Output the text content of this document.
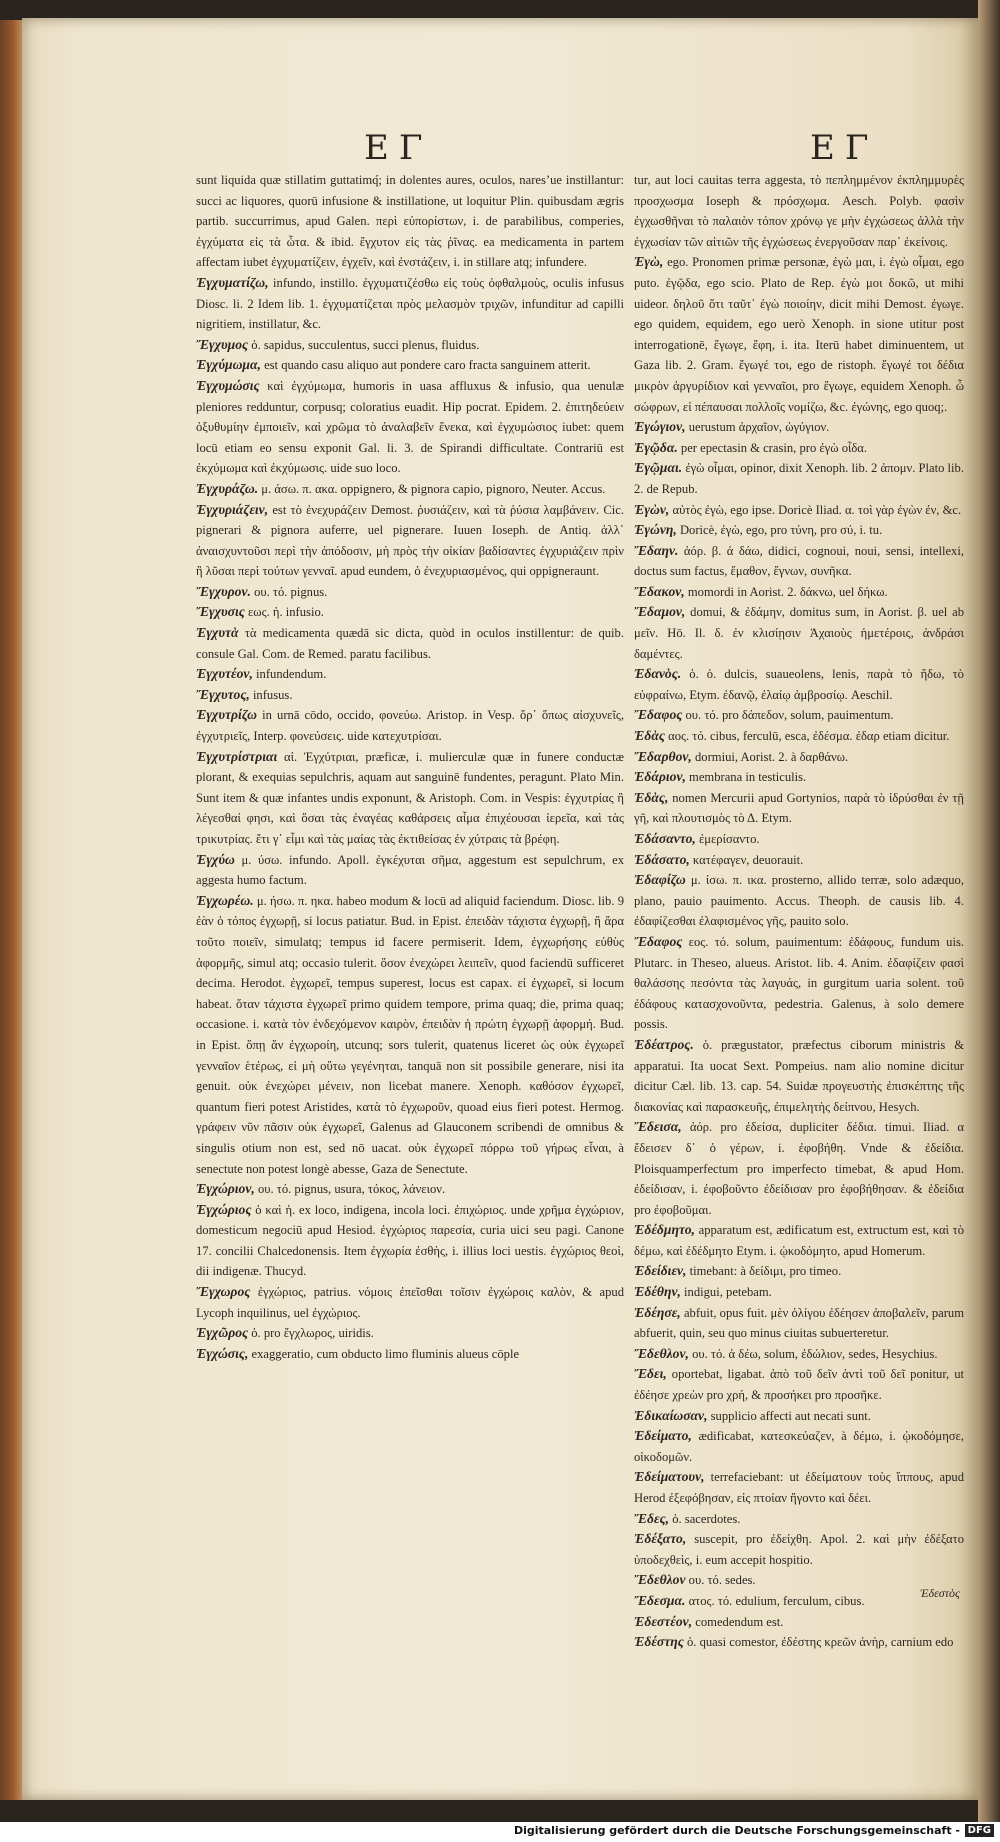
ΕΓ	ΕΓ

sunt liquida quæ stillatim guttatimq́; in dolentes aures, oculos, nares’ue instillantur: succi ac liquores, quorū infusione & instillatione, ut loquitur Plin. quibusdam ægris partib. succurrimus, apud Galen. περὶ εὐπορίστων, i. de parabilibus, comperies, ἐγχύματα εἰς τὰ ὦτα. & ibid. ἔγχυτον εἰς τὰς ῥῖνας. ea medicamenta in partem affectam iubet ἐγχυματίζειν, ἐγχεῖν, καὶ ἐνστάζειν, i. in stillare atq; infundere.

Ἐγχυματίζω, infundo, instillo. ἐγχυματιζέσθω εἰς τοὺς ὀφθαλμοὺς, oculis infusus Diosc. li. 2 Idem lib. 1. ἐγχυματίζεται πρὸς μελασμὸν τριχῶν, infunditur ad capilli nigritiem, instillatur, &c.

Ἔγχυμος ὁ. sapidus, succulentus, succi plenus, fluidus.

Ἐγχύμωμα, est quando casu aliquo aut pondere caro fracta sanguinem atterit.

Ἐγχυμώσις καὶ ἐγχύμωμα, humoris in uasa affluxus & infusio, qua uenulæ pleniores redduntur, corpusq; coloratius euadit. Hip pocrat. Epidem. 2. ἐπιτηδεύειν ὀξυθυμίην ἐμποιεῖν, καὶ χρῶμα τὸ ἀναλαβεῖν ἕνεκα, καὶ ἐγχυμώσιος iubet: quem locū etiam eo sensu exponit Gal. li. 3. de Spirandi difficultate. Contrariū est ἐκχύμωμα καὶ ἐκχύμωσις. uide suo loco.

Ἐγχυράζω. μ. άσω. π. ακα. oppignero, & pignora capio, pignoro, Neuter. Accus.

Ἐγχυριάζειν, est τὸ ἐνεχυράζειν Demost. ῥυσιάζειν, καὶ τὰ ῥύσια λαμβάνειν. Cic. pignerari & pignora auferre, uel pignerare. Iuuen Ioseph. de Antiq. ἀλλ᾽ ἀναισχυντοῦσι περὶ τὴν ἀπόδοσιν, μὴ πρὸς τὴν οἰκίαν βαδίσαντες ἐγχυριάζειν πρὶν ἢ λῦσαι περὶ τούτων γενναῖ. apud eundem, ὁ ἐνεχυριασμένος, qui oppigneraunt.

Ἔγχυρον. ου. τό. pignus.

Ἔγχυσις εως. ἡ. infusio.

Ἐγχυτὰ τὰ medicamenta quædā sic dicta, quòd in oculos instillentur: de quib. consule Gal. Com. de Remed. paratu facilibus.

Ἐγχυτέον, infundendum.

Ἔγχυτος, infusus.

Ἐγχυτρίζω in urnā cōdo, occido, φονεύω. Aristop. in Vesp. ὅρ᾽ ὅπως αἰσχυνεῖς, ἐγχυτριεῖς, Interp. φονεύσεις. uide κατεχυτρίσαι.

Ἐγχυτρίστριαι αἱ. Ἐγχύτριαι, præficæ, i. mulierculæ quæ in funere conductæ plorant, & exequias sepulchris, aquam aut sanguinē fundentes, peragunt. Plato Min. Sunt item & quæ infantes undis exponunt, & Aristoph. Com. in Vespis: ἐγχυτρίας ἢ λέγεσθαί φησι, καὶ ὅσαι τὰς ἐναγέας καθάρσεις αἷμα ἐπιχέουσαι ἱερεῖα, καὶ τὰς τρικυτρίας. ἔτι γ᾽ εἶμι καὶ τὰς μαίας τὰς ἐκτιθείσας ἐν χύτραις τὰ βρέφη.

Ἐγχύω μ. ύσω. infundo. Apoll. ἐγκέχυται σῆμα, aggestum est sepulchrum, ex aggesta humo factum.

Ἐγχωρέω. μ. ήσω. π. ηκα. habeo modum & locū ad aliquid faciendum. Diosc. lib. 9 ἐὰν ὁ τόπος ἐγχωρῇ, si locus patiatur. Bud. in Epist. ἐπειδὰν τάχιστα ἐγχωρῇ, ἢ ἄρα τοῦτο ποιεῖν, simulatq; tempus id facere permiserit. Idem, ἐγχωρήσης εὐθὺς ἀφορμῆς, simul atq; occasio tulerit. ὅσον ἐνεχώρει λειπεῖν, quod faciendū sufficeret decima. Herodot. ἐγχωρεῖ, tempus superest, locus est capax. εἰ ἐγχωρεῖ, si locum habeat. ὅταν τάχιστα ἐγχωρεῖ primo quidem tempore, prima quaq; die, prima quaq; occasione. i. κατὰ τὸν ἐνδεχόμενον καιρὸν, ἐπειδὰν ἡ πρώτη ἐγχωρῇ ἀφορμή. Bud. in Epist. ὅπῃ ἄν ἐγχωροίη, utcunq; sors tulerit, quatenus liceret ὡς οὐκ ἐγχωρεῖ γενναῖον ἑτέρως, εἰ μὴ οὕτω γεγένηται, tanquā non sit possibile generare, nisi ita genuit. οὐκ ἐνεχώρει μένειν, non licebat manere. Xenoph. καθόσον ἐγχωρεῖ, quantum fieri potest Aristides, κατὰ τὸ ἐγχωροῦν, quoad eius fieri potest. Hermog. γράφειν νῦν πᾶσιν οὐκ ἐγχωρεῖ, Galenus ad Glauconem scribendi de omnibus & singulis otium non est, sed nō uacat. οὐκ ἐγχωρεῖ πόρρω τοῦ γήρως εἶναι, à senectute non potest longè abesse, Gaza de Senectute.

Ἐγχώριον, ου. τό. pignus, usura, τόκος, λάνειον.

Ἐγχώριος ὁ καὶ ἡ. ex loco, indigena, incola loci. ἐπιχώριος. unde χρῆμα ἐγχώριον, domesticum negociū apud Hesiod. ἐγχώριος παρεσία, curia uici seu pagi. Canone 17. concilii Chalcedonensis. Item ἐγχωρία ἐσθὴς, i. illius loci uestis. ἐγχώριος θεοὶ, dii indigenæ. Thucyd.

Ἔγχωρος ἐγχώριος, patrius. νόμοις ἐπεῖσθαι τοῖσιν ἐγχώροις καλὸν, & apud Lycoph inquilinus, uel ἐγχώριος.

Ἐγχῶρος ὁ. pro ἔγχλωρος, uiridis.

Ἐγχώσις, exaggeratio, cum obducto limo fluminis alueus cōple

tur, aut loci cauitas terra aggesta, τὸ πεπλημμένον ἐκπλημμυρὲς προσχωσμα Ioseph & πρόσχωμα. Aesch. Polyb. φασὶν ἐγχωσθῆναι τὸ παλαιὸν τόπον χρόνῳ γε μὴν ἐγχώσεως ἀλλὰ τὴν ἐγχωσίαν τῶν αἰτιῶν τῆς ἐγχώσεως ἐνεργοῦσαν παρ᾽ ἐκείνοις.

Ἐγὼ, ego. Pronomen primæ personæ, ἐγὼ μαι, i. ἐγὼ οἶμαι, ego puto. ἐγῷδα, ego scio. Plato de Rep. ἐγὼ μοι δοκῶ, ut mihi uideor. δηλοῦ ὅτι ταῦτ᾽ ἐγὼ ποιοίην, dicit mihi Demost. ἐγωγε. ego quidem, equidem, ego uerò Xenoph. in sione utitur post interrogationē, ἔγωγε, ἔφη, i. ita. Iterū habet diminuentem, ut Gaza lib. 2. Gram. ἔγωγέ τοι, ego de ristoph. ἔγωγέ τοι δέδια μικρὸν ἀργυρίδιον καὶ γενναῖοι, pro ἔγωγε, equidem Xenoph. ὦ σώφρων, εἰ πέπαυσαι πολλοῖς νομίζω, &c. ἐγώνης, ego quoq;.

Ἐγώγιον, uerustum ἀρχαῖον, ὠγύγιον.

Ἐγῷδα. per epectasin & crasin, pro ἐγὼ οἶδα.

Ἐγῷμαι. ἐγὼ οἶμαι, opinor, dixit Xenoph. lib. 2 ἀπομν. Plato lib. 2. de Repub.

Ἐγὼν, αὐτὸς ἐγὼ, ego ipse. Doricè Iliad. α. τοὶ γὰρ ἐγὼν ἐν, &c.

Ἐγώνη, Doricè, ἐγὼ, ego, pro τύνη, pro σύ, i. tu.

Ἔδαην. ἀόρ. β. ἀ δάω, didici, cognoui, noui, sensi, intellexi, doctus sum factus, ἔμαθον, ἔγνων, συνῆκα.

Ἔδακον, momordi in Aorist. 2. δάκνω, uel δήκω.

Ἔδαμον, domui, & ἐδάμην, domitus sum, in Aorist. β. uel ab μεῖν. Hō. Il. δ. ἐν κλισίῃσιν Ἀχαιοὺς ἡμετέροις, ἀνδράσι δαμέντες.

Ἐδανὸς. ὁ. ὁ. dulcis, suaueolens, lenis, παρὰ τὸ ἥδω, τὸ εὐφραίνω, Etym. ἐδανῷ, ἐλαίῳ ἀμβροσίῳ. Aeschil.

Ἔδαφος ου. τό. pro δάπεδον, solum, pauimentum.

Ἐδὰς αος. τό. cibus, ferculū, esca, ἐδέσμα. ἐδαρ etiam dicitur.

Ἔδαρθον, dormiui, Aorist. 2. à δαρθάνω.

Ἐδάριον, membrana in testiculis.

Ἐδὰς, nomen Mercurii apud Gortynios, παρὰ τὸ ἰδρύσθαι ἐν τῇ γῆ, καὶ πλουτισμὸς τὸ Δ. Etym.

Ἐδάσαντο, ἐμερίσαντο.

Ἐδάσατο, κατέφαγεν, deuorauit.

Ἐδαφίζω μ. ίσω. π. ικα. prosterno, allido terræ, solo adæquo, plano, pauio pauimento. Accus. Theoph. de causis lib. 4. ἐδαφίζεσθαι ἐλαφισμένος γῆς, pauito solo.

Ἔδαφος εος. τό. solum, pauimentum: ἐδάφους, fundum uis. Plutarc. in Theseo, alueus. Aristot. lib. 4. Anim. ἐδαφίζειν φασὶ θαλάσσης πεσόντα τὰς λαγυάς, in gurgitum uaria solent. τοῦ ἐδάφους κατασχονοῦντα, pedestria. Galenus, à solo demere possis.

Ἐδέατρος. ὁ. prægustator, præfectus ciborum ministris & apparatui. Ita uocat Sext. Pompeius. nam alio nomine dicitur dicitur Cæl. lib. 13. cap. 54. Suidæ προγευστὴς ἐπισκέπτης τῆς διακονίας καὶ παρασκευῆς, ἐπιμελητὴς δείπνου, Hesych.

Ἔδεισα, ἀόρ. pro ἐδείσα, dupliciter δέδια. timui. Iliad. α ἔδεισεν δ᾽ ὁ γέρων, i. ἐφοβήθη. Vnde & ἐδείδια. Ploisquamperfectum pro imperfecto timebat, & apud Hom. ἐδείδισαν, i. ἐφοβοῦντο ἐδείδισαν pro ἐφοβήθησαν. & ἐδείδια pro ἐφοβοῦμαι.

Ἐδέδμητο, apparatum est, ædificatum est, extructum est, καὶ τὸ δέμω, καὶ ἐδέδμητο Etym. i. ᾠκοδόμητο, apud Homerum.

Ἐδείδιεν, timebant: à δείδιμι, pro timeo.

Ἐδέθην, indigui, petebam.

Ἐδέησε, abfuit, opus fuit. μὲν ὀλίγου ἐδέησεν ἀποβαλεῖν, parum abfuerit, quin, seu quo minus ciuitas subuerteretur.

Ἔδεθλον, ου. τό. ἀ δέω, solum, ἐδώλιον, sedes, Hesychius.

Ἔδει, oportebat, ligabat. ἀπὸ τοῦ δεῖν ἀντὶ τοῦ δεῖ ponitur, ut ἐδέησε χρεὼν pro χρή, & προσήκει pro προσῆκε.

Ἐδικαίωσαν, supplicio affecti aut necati sunt.

Ἐδείματο, ædificabat, κατεσκεύαζεν, à δέμω, i. ᾠκοδόμησε, οἰκοδομῶν.

Ἐδείματουν, terrefaciebant: ut ἐδείματουν τοὺς ἵππους, apud Herod ἐξεφόβησαν, εἰς πτοίαν ἤγοντο καὶ δέει.

Ἔδες, ὁ. sacerdotes.

Ἐδέξατο, suscepit, pro ἐδείχθη. Apol. 2. καὶ μὴν ἐδέξατο ὑποδεχθεὶς, i. eum accepit hospitio.

Ἔδεθλον ου. τό. sedes.

Ἔδεσμα. ατος. τό. edulium, ferculum, cibus.

Ἐδεστέον, comedendum est.

Ἐδέστης ὁ. quasi comestor, ἐδέστης κρεῶν ἀνὴρ, carnium edo

Ἐδεστὸς
Digitalisierung gefördert durch die Deutsche Forschungsgemeinschaft - DFG
